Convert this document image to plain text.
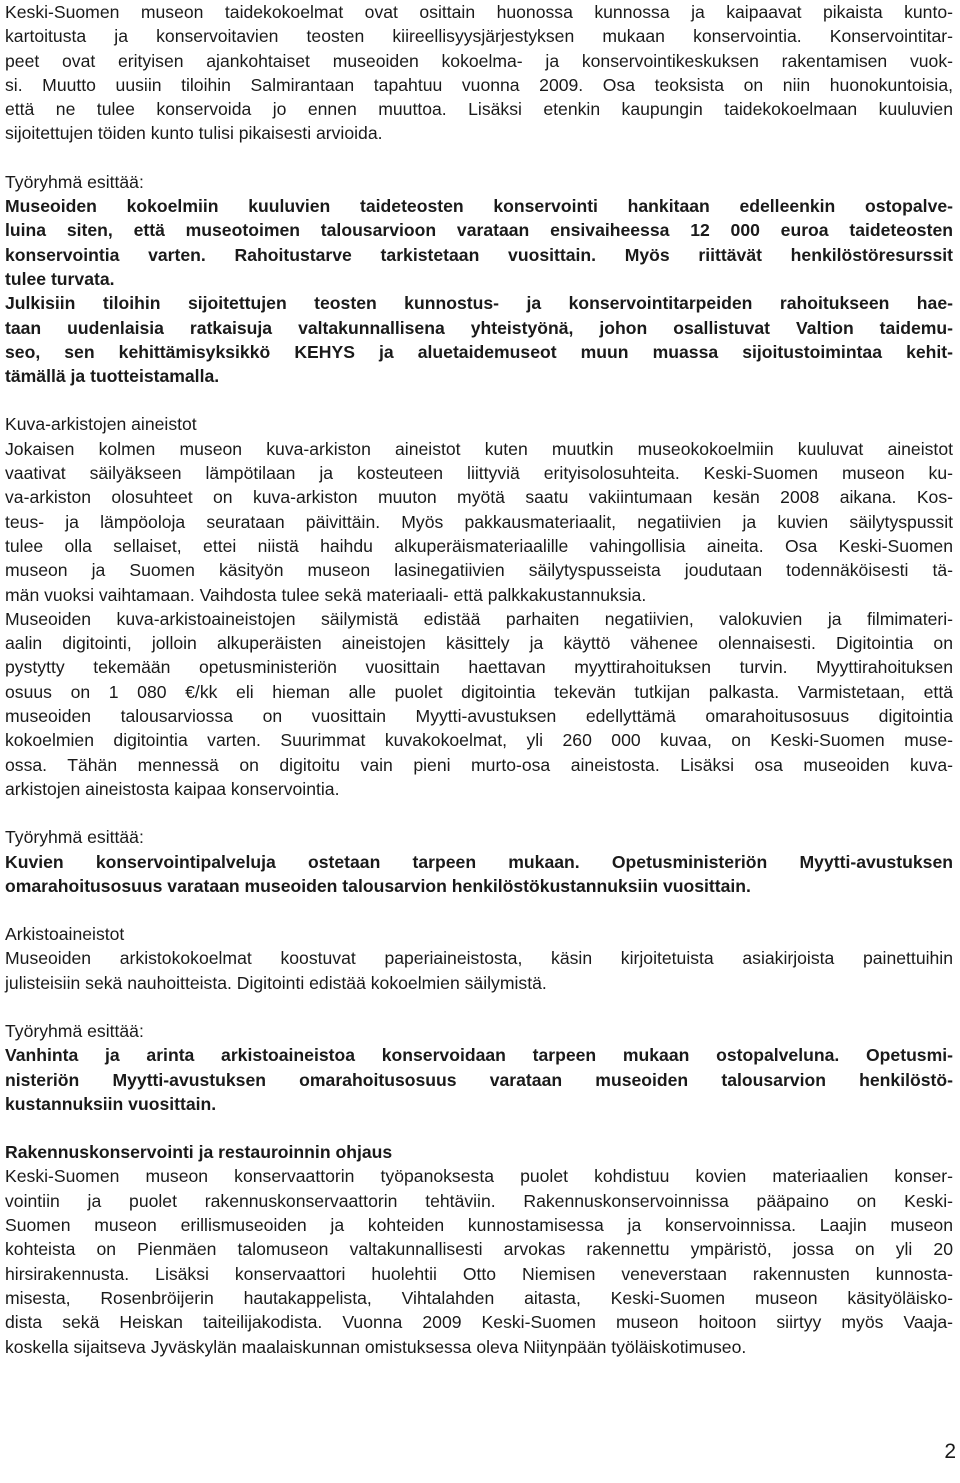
Keski-Suomen museon taidekokoelmat ovat osittain huonossa kunnossa ja kaipaavat pikaista kunto-
kartoitusta ja konservoitavien teosten kiireellisyysjärjestyksen mukaan konservointia. Konservointitar-
peet ovat erityisen ajankohtaiset museoiden kokoelma- ja konservointikeskuksen rakentamisen vuok-
si. Muutto uusiin tiloihin Salmirantaan tapahtuu vuonna 2009. Osa teoksista on niin huonokuntoisia,
että ne tulee konservoida jo ennen muuttoa. Lisäksi etenkin kaupungin taidekokoelmaan kuuluvien
sijoitettujen töiden kunto tulisi pikaisesti arvioida.
Työryhmä esittää:
Museoiden kokoelmiin kuuluvien taideteosten konservointi hankitaan edelleenkin ostopalve-
luina siten, että museotoimen talousarvioon varataan ensivaiheessa 12 000 euroa taideteosten
konservointia varten. Rahoitustarve tarkistetaan vuosittain. Myös riittävät henkilöstöresurssit
tulee turvata.
Julkisiin tiloihin sijoitettujen teosten kunnostus- ja konservointitarpeiden rahoitukseen hae-
taan uudenlaisia ratkaisuja valtakunnallisena yhteistyönä, johon osallistuvat Valtion taidemu-
seo, sen kehittämisyksikkö KEHYS ja aluetaidemuseot muun muassa sijoitustoimintaa kehit-
tämällä ja tuotteistamalla.
Kuva-arkistojen aineistot
Jokaisen kolmen museon kuva-arkiston aineistot kuten muutkin museokokoelmiin kuuluvat aineistot
vaativat säilyäkseen lämpötilaan ja kosteuteen liittyviä erityisolosuhteita. Keski-Suomen museon ku-
va-arkiston olosuhteet on kuva-arkiston muuton myötä saatu vakiintumaan kesän 2008 aikana. Kos-
teus- ja lämpöoloja seurataan päivittäin. Myös pakkausmateriaalit, negatiivien ja kuvien säilytyspussit
tulee olla sellaiset, ettei niistä haihdu alkuperäismateriaalille vahingollisia aineita. Osa Keski-Suomen
museon ja Suomen käsityön museon lasinegatiivien säilytyspusseista joudutaan todennäköisesti tä-
män vuoksi vaihtamaan. Vaihdosta tulee sekä materiaali- että palkkakustannuksia.
Museoiden kuva-arkistoaineistojen säilymistä edistää parhaiten negatiivien, valokuvien ja filmimateri-
aalin digitointi, jolloin alkuperäisten aineistojen käsittely ja käyttö vähenee olennaisesti. Digitointia on
pystytty tekemään opetusministeriön vuosittain haettavan myyttirahoituksen turvin. Myyttirahoituksen
osuus on 1 080 €/kk eli hieman alle puolet digitointia tekevän tutkijan palkasta. Varmistetaan, että
museoiden talousarviossa on vuosittain Myytti-avustuksen edellyttämä omarahoitusosuus digitointia
kokoelmien digitointia varten. Suurimmat kuvakokoelmat, yli 260 000 kuvaa, on Keski-Suomen muse-
ossa. Tähän mennessä on digitoitu vain pieni murto-osa aineistosta. Lisäksi osa museoiden kuva-
arkistojen aineistosta kaipaa konservointia.
Työryhmä esittää:
Kuvien konservointipalveluja ostetaan tarpeen mukaan. Opetusministeriön Myytti-avustuksen
omarahoitusosuus varataan museoiden talousarvion henkilöstökustannuksiin vuosittain.
Arkistoaineistot
Museoiden arkistokokoelmat koostuvat paperiaineistosta, käsin kirjoitetuista asiakirjoista painettuihin
julisteisiin sekä nauhoitteista. Digitointi edistää kokoelmien säilymistä.
Työryhmä esittää:
Vanhinta ja arinta arkistoaineistoa konservoidaan tarpeen mukaan ostopalveluna. Opetusmi-
nisteriön Myytti-avustuksen omarahoitusosuus varataan museoiden talousarvion henkilöstö-
kustannuksiin vuosittain.
Rakennuskonservointi ja restauroinnin ohjaus
Keski-Suomen museon konservaattorin työpanoksesta puolet kohdistuu kovien materiaalien konser-
vointiin ja puolet rakennuskonservaattorin tehtäviin. Rakennuskonservoinnissa pääpaino on Keski-
Suomen museon erillismuseoiden ja kohteiden kunnostamisessa ja konservoinnissa. Laajin museon
kohteista on Pienmäen talomuseon valtakunnallisesti arvokas rakennettu ympäristö, jossa on yli 20
hirsirakennusta. Lisäksi konservaattori huolehtii Otto Niemisen veneverstaan rakennusten kunnosta-
misesta, Rosenbröijerin hautakappelista, Vihtalahden aitasta, Keski-Suomen museon käsityöläisko-
dista sekä Heiskan taiteilijakodista. Vuonna 2009 Keski-Suomen museon hoitoon siirtyy myös Vaaja-
koskella sijaitseva Jyväskylän maalaiskunnan omistuksessa oleva Niitynpään työläiskotimuseo.
2
